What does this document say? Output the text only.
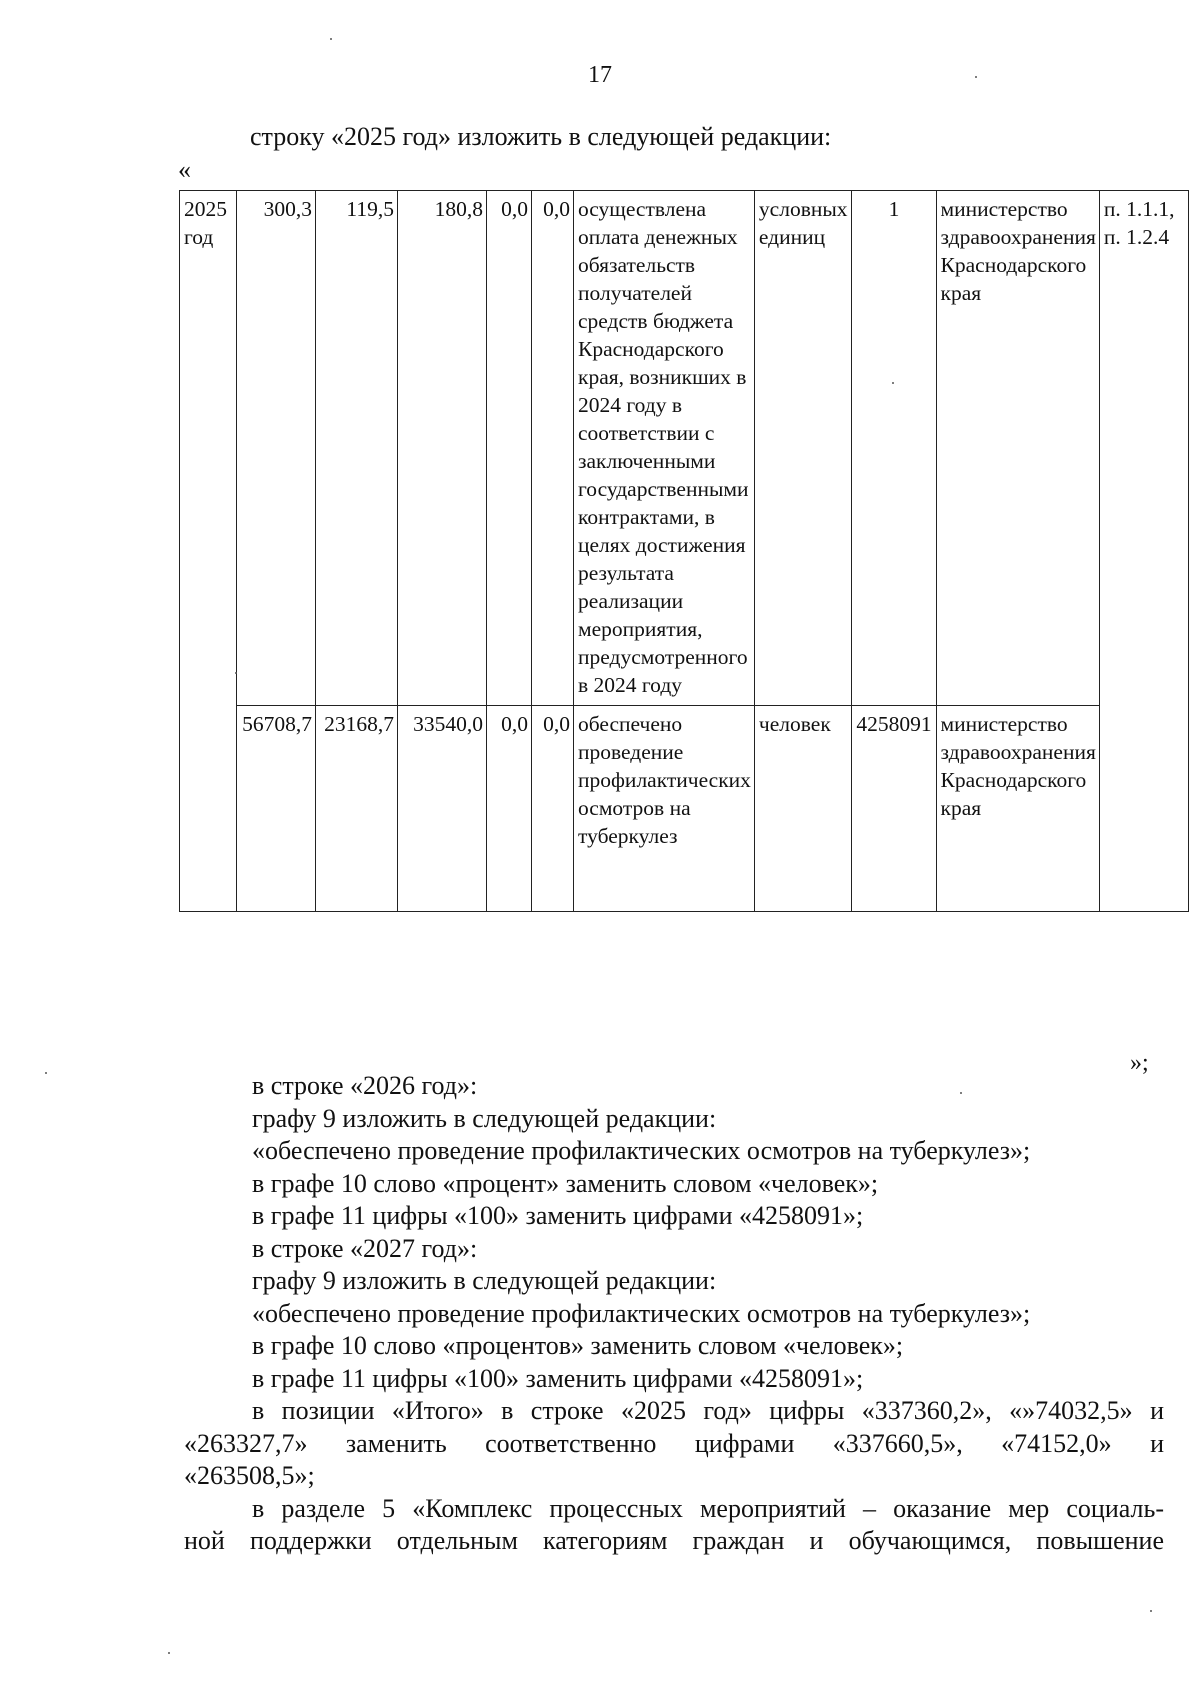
17
строку «2025 год» изложить в следующей редакции:
«
2025 год	300,3	119,5	180,8	0,0	0,0	осуществлена оплата денежных обязательств получателей средств бюджета Краснодарского края, возникших в 2024 году в соответствии с заключенными государственными контрактами, в целях достижения результата реализации мероприятия, предусмотренного в 2024 году	условных единиц	1	министерство здравоохранения Краснодарского края	п. 1.1.1, п. 1.2.4
	56708,7	23168,7	33540,0	0,0	0,0	обеспечено проведение профилактических осмотров на туберкулез	человек	4258091	министерство здравоохранения Краснодарского края	
»;

в строке «2026 год»:

графу 9 изложить в следующей редакции:

«обеспечено проведение профилактических осмотров на туберкулез»;

в графе 10 слово «процент» заменить словом «человек»;

в графе 11 цифры «100» заменить цифрами «4258091»;

в строке «2027 год»:

графу 9 изложить в следующей редакции:

«обеспечено проведение профилактических осмотров на туберкулез»;

в графе 10 слово «процентов» заменить словом «человек»;

в графе 11 цифры «100» заменить цифрами «4258091»;

в позиции «Итого» в строке «2025 год» цифры «337360,2», «»74032,5» и

«263327,7» заменить соответственно цифрами «337660,5», «74152,0» и

«263508,5»;

в разделе 5 «Комплекс процессных мероприятий – оказание мер социаль-

ной поддержки отдельным категориям граждан и обучающимся, повышение
